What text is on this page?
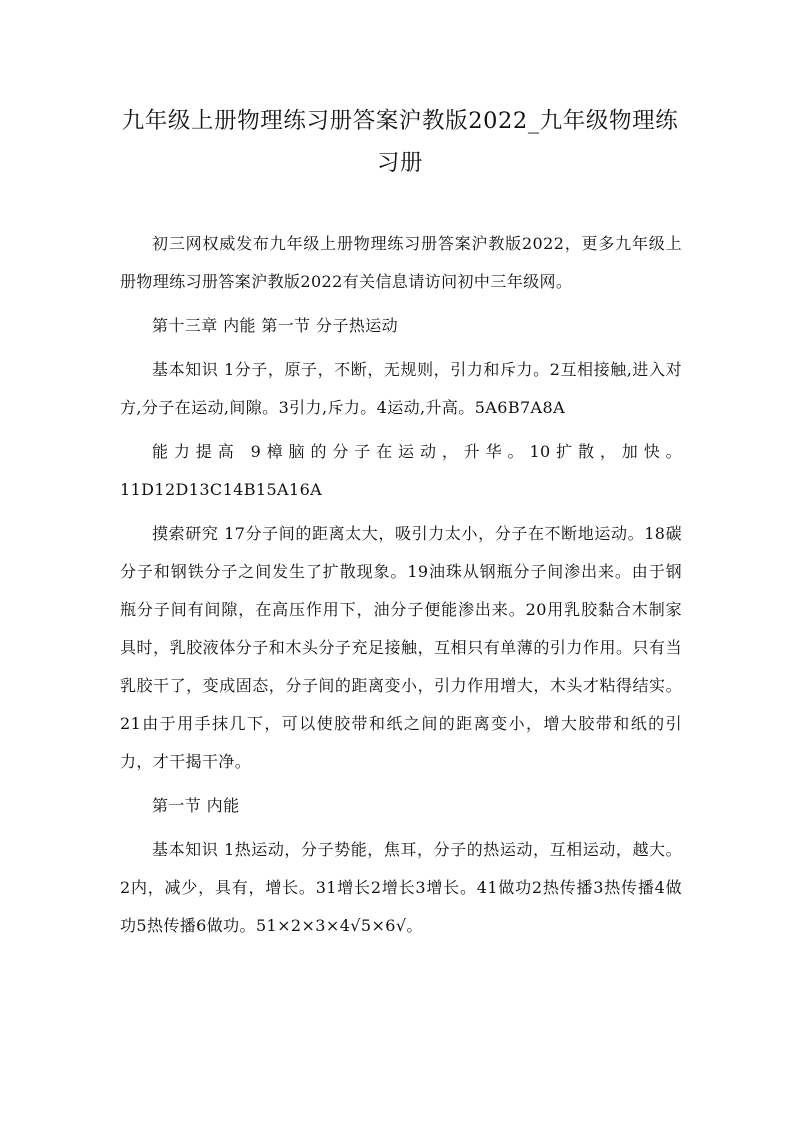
九年级上册物理练习册答案沪教版2022_九年级物理练习册

初三网权威发布九年级上册物理练习册答案沪教版2022，更多九年级上册物理练习册答案沪教版2022有关信息请访问初中三年级网。

第十三章 内能 第一节 分子热运动

基本知识 1分子，原子，不断，无规则，引力和斥力。2互相接触,进入对方,分子在运动,间隙。3引力,斥力。4运动,升高。5A6B7A8A

能力提高 9樟脑的分子在运动，升华。10扩散，加快。11D12D13C14B15A16A

摸索研究 17分子间的距离太大，吸引力太小，分子在不断地运动。18碳分子和钢铁分子之间发生了扩散现象。19油珠从钢瓶分子间渗出来。由于钢瓶分子间有间隙，在高压作用下，油分子便能渗出来。20用乳胶黏合木制家具时，乳胶液体分子和木头分子充足接触，互相只有单薄的引力作用。只有当乳胶干了，变成固态，分子间的距离变小，引力作用增大，木头才粘得结实。21由于用手抹几下，可以使胶带和纸之间的距离变小，增大胶带和纸的引力，才干揭干净。

第一节 内能

基本知识 1热运动，分子势能，焦耳，分子的热运动，互相运动，越大。2内，减少，具有，增长。31增长2增长3增长。41做功2热传播3热传播4做功5热传播6做功。51×2×3×4√5×6√。
